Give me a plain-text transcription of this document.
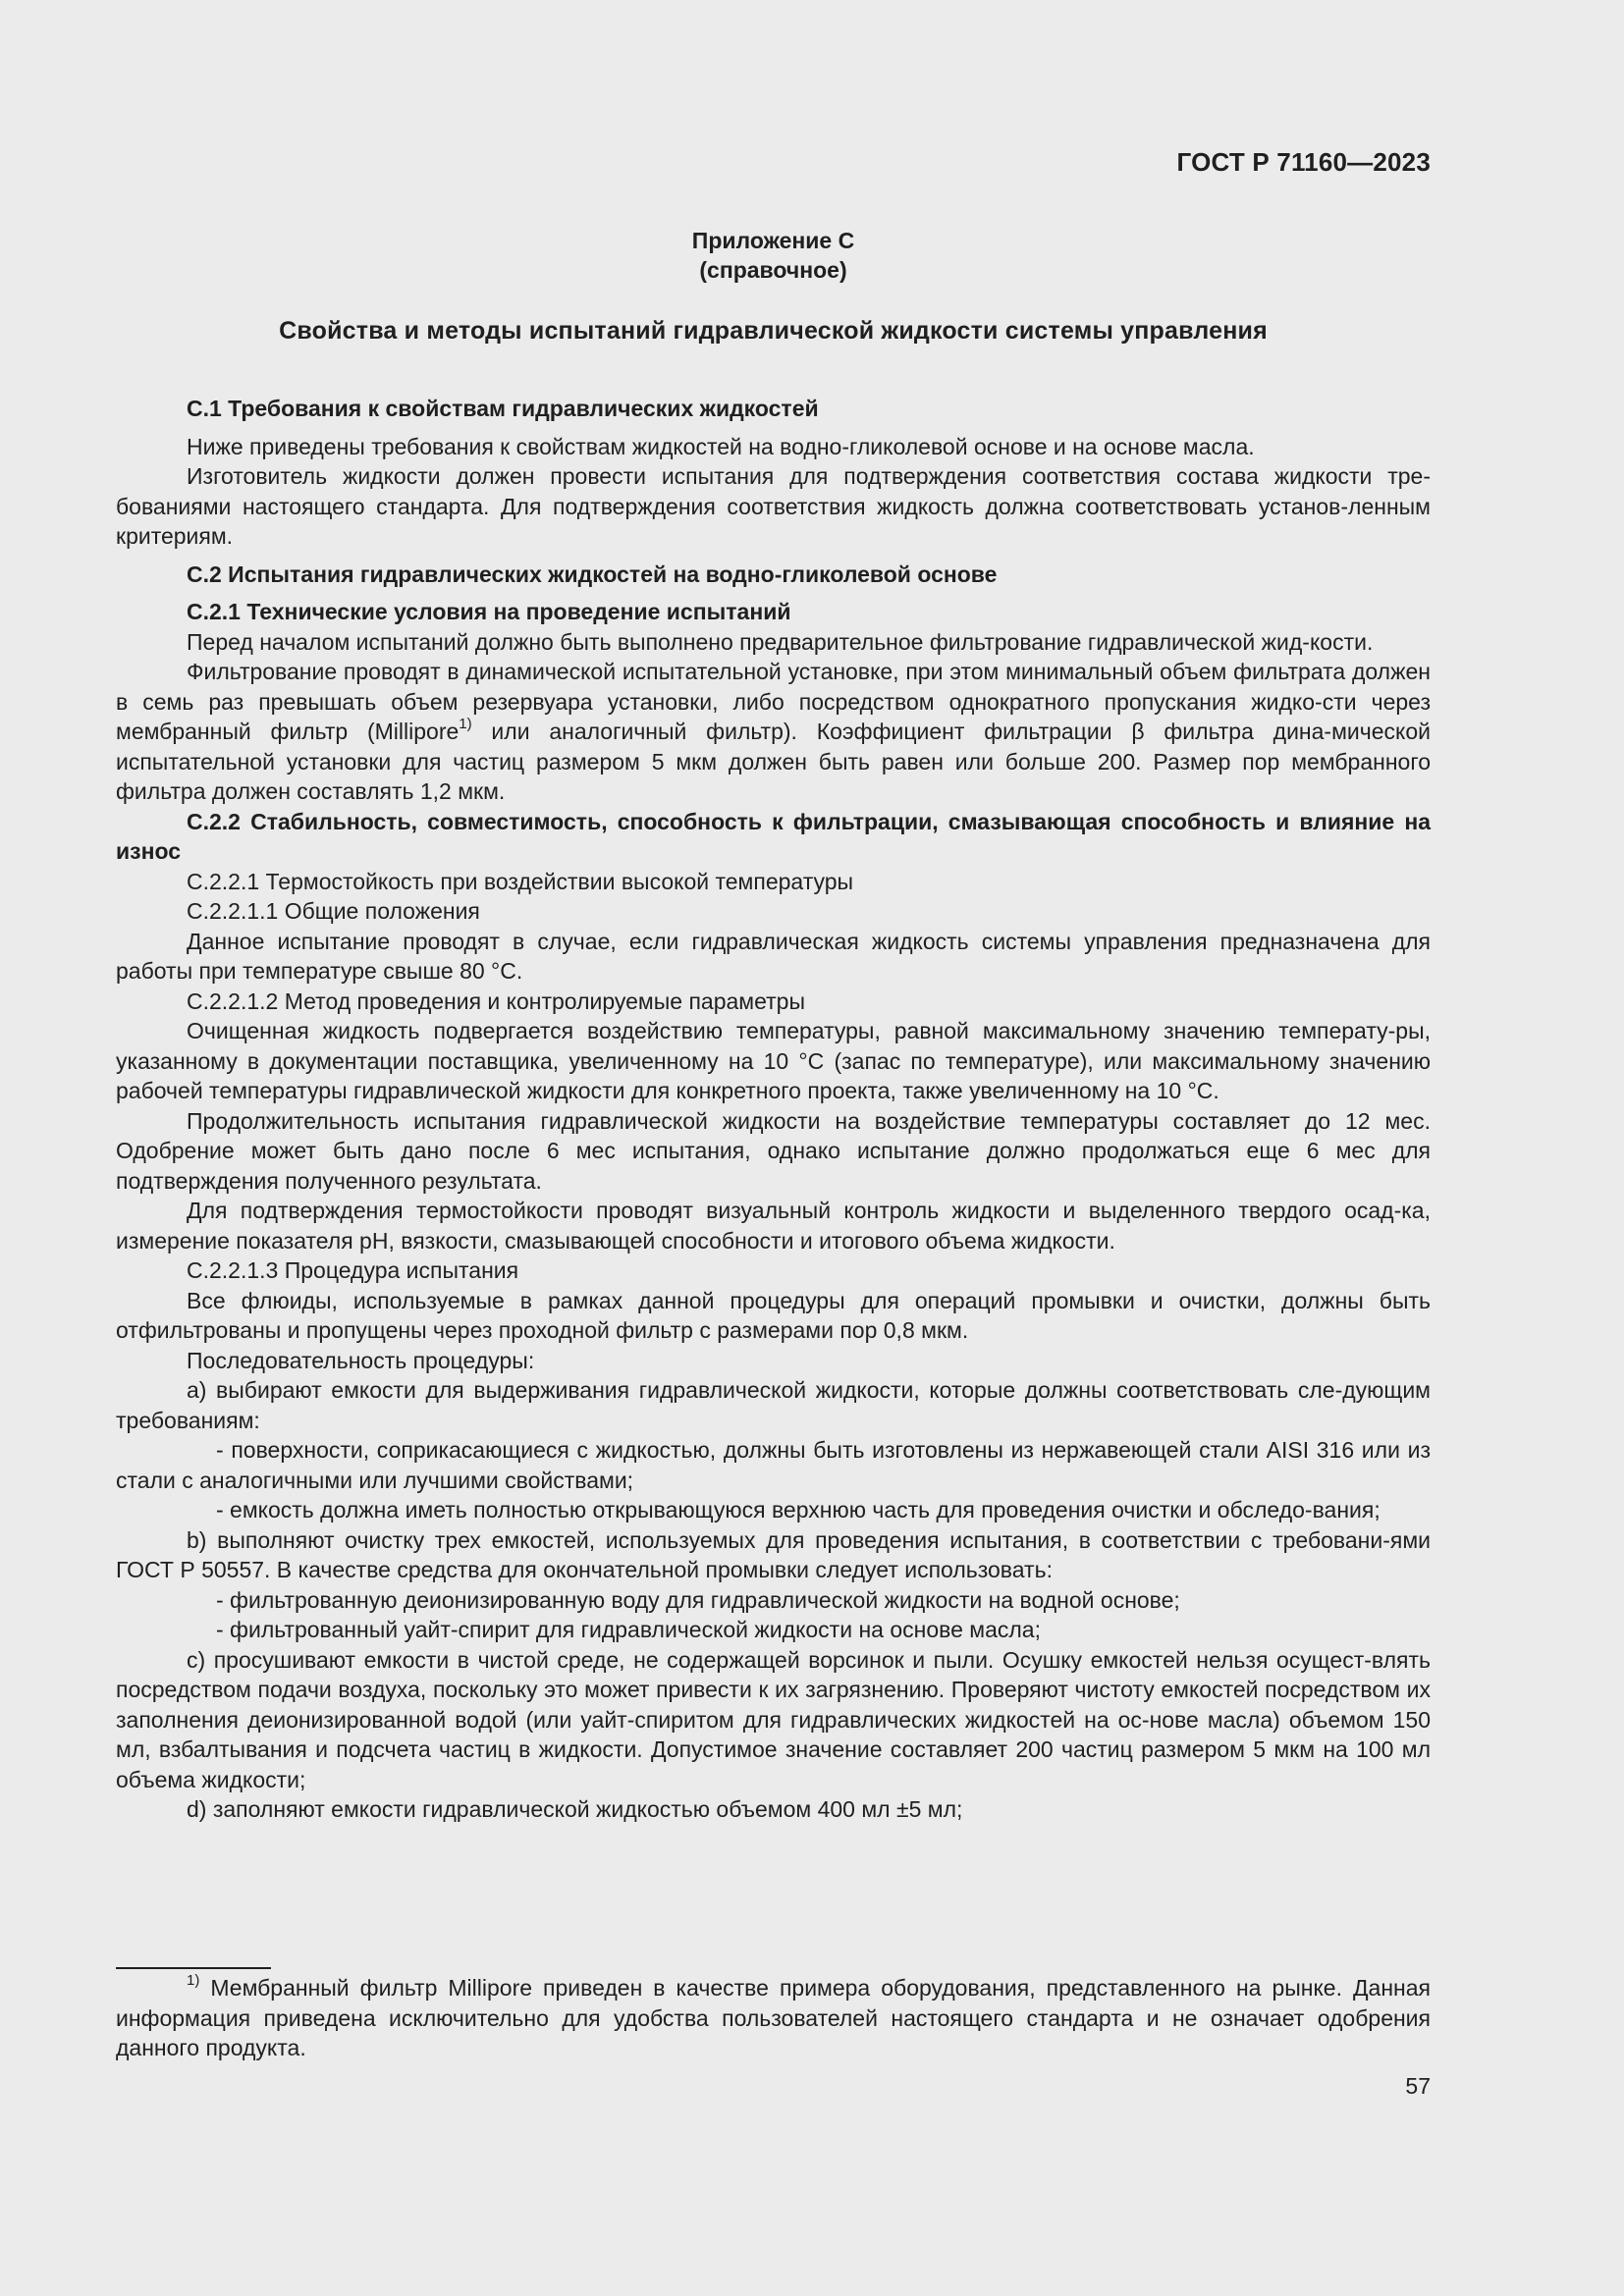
ГОСТ Р 71160—2023
Приложение С
(справочное)
Свойства и методы испытаний гидравлической жидкости системы управления

С.1 Требования к свойствам гидравлических жидкостей

Ниже приведены требования к свойствам жидкостей на водно-гликолевой основе и на основе масла.

Изготовитель жидкости должен провести испытания для подтверждения соответствия состава жидкости тре-бованиями настоящего стандарта. Для подтверждения соответствия жидкость должна соответствовать установ-ленным критериям.

С.2 Испытания гидравлических жидкостей на водно-гликолевой основе

С.2.1 Технические условия на проведение испытаний

Перед началом испытаний должно быть выполнено предварительное фильтрование гидравлической жид-кости.

Фильтрование проводят в динамической испытательной установке, при этом минимальный объем фильтрата должен в семь раз превышать объем резервуара установки, либо посредством однократного пропускания жидко-сти через мембранный фильтр (Millipore$^{1)}$ или аналогичный фильтр). Коэффициент фильтрации β фильтра дина-мической испытательной установки для частиц размером 5 мкм должен быть равен или больше 200. Размер пор мембранного фильтра должен составлять 1,2 мкм.

С.2.2 Стабильность, совместимость, способность к фильтрации, смазывающая способность и влияние на износ

С.2.2.1 Термостойкость при воздействии высокой температуры

С.2.2.1.1 Общие положения

Данное испытание проводят в случае, если гидравлическая жидкость системы управления предназначена для работы при температуре свыше 80 °С.

С.2.2.1.2 Метод проведения и контролируемые параметры

Очищенная жидкость подвергается воздействию температуры, равной максимальному значению температу-ры, указанному в документации поставщика, увеличенному на 10 °С (запас по температуре), или максимальному значению рабочей температуры гидравлической жидкости для конкретного проекта, также увеличенному на 10 °С.

Продолжительность испытания гидравлической жидкости на воздействие температуры составляет до 12 мес. Одобрение может быть дано после 6 мес испытания, однако испытание должно продолжаться еще 6 мес для подтверждения полученного результата.

Для подтверждения термостойкости проводят визуальный контроль жидкости и выделенного твердого осад-ка, измерение показателя pH, вязкости, смазывающей способности и итогового объема жидкости.

С.2.2.1.3 Процедура испытания

Все флюиды, используемые в рамках данной процедуры для операций промывки и очистки, должны быть отфильтрованы и пропущены через проходной фильтр с размерами пор 0,8 мкм.

Последовательность процедуры:

a) выбирают емкости для выдерживания гидравлической жидкости, которые должны соответствовать сле-дующим требованиям:

- поверхности, соприкасающиеся с жидкостью, должны быть изготовлены из нержавеющей стали AISI 316 или из стали с аналогичными или лучшими свойствами;

- емкость должна иметь полностью открывающуюся верхнюю часть для проведения очистки и обследо-вания;

b) выполняют очистку трех емкостей, используемых для проведения испытания, в соответствии с требовани-ями ГОСТ Р 50557. В качестве средства для окончательной промывки следует использовать:

- фильтрованную деионизированную воду для гидравлической жидкости на водной основе;

- фильтрованный уайт-спирит для гидравлической жидкости на основе масла;

c) просушивают емкости в чистой среде, не содержащей ворсинок и пыли. Осушку емкостей нельзя осущест-влять посредством подачи воздуха, поскольку это может привести к их загрязнению. Проверяют чистоту емкостей посредством их заполнения деионизированной водой (или уайт-спиритом для гидравлических жидкостей на ос-нове масла) объемом 150 мл, взбалтывания и подсчета частиц в жидкости. Допустимое значение составляет 200 частиц размером 5 мкм на 100 мл объема жидкости;

d) заполняют емкости гидравлической жидкостью объемом 400 мл ±5 мл;

$^{1)}$ Мембранный фильтр Millipore приведен в качестве примера оборудования, представленного на рынке. Данная информация приведена исключительно для удобства пользователей настоящего стандарта и не означает одобрения данного продукта.

57
